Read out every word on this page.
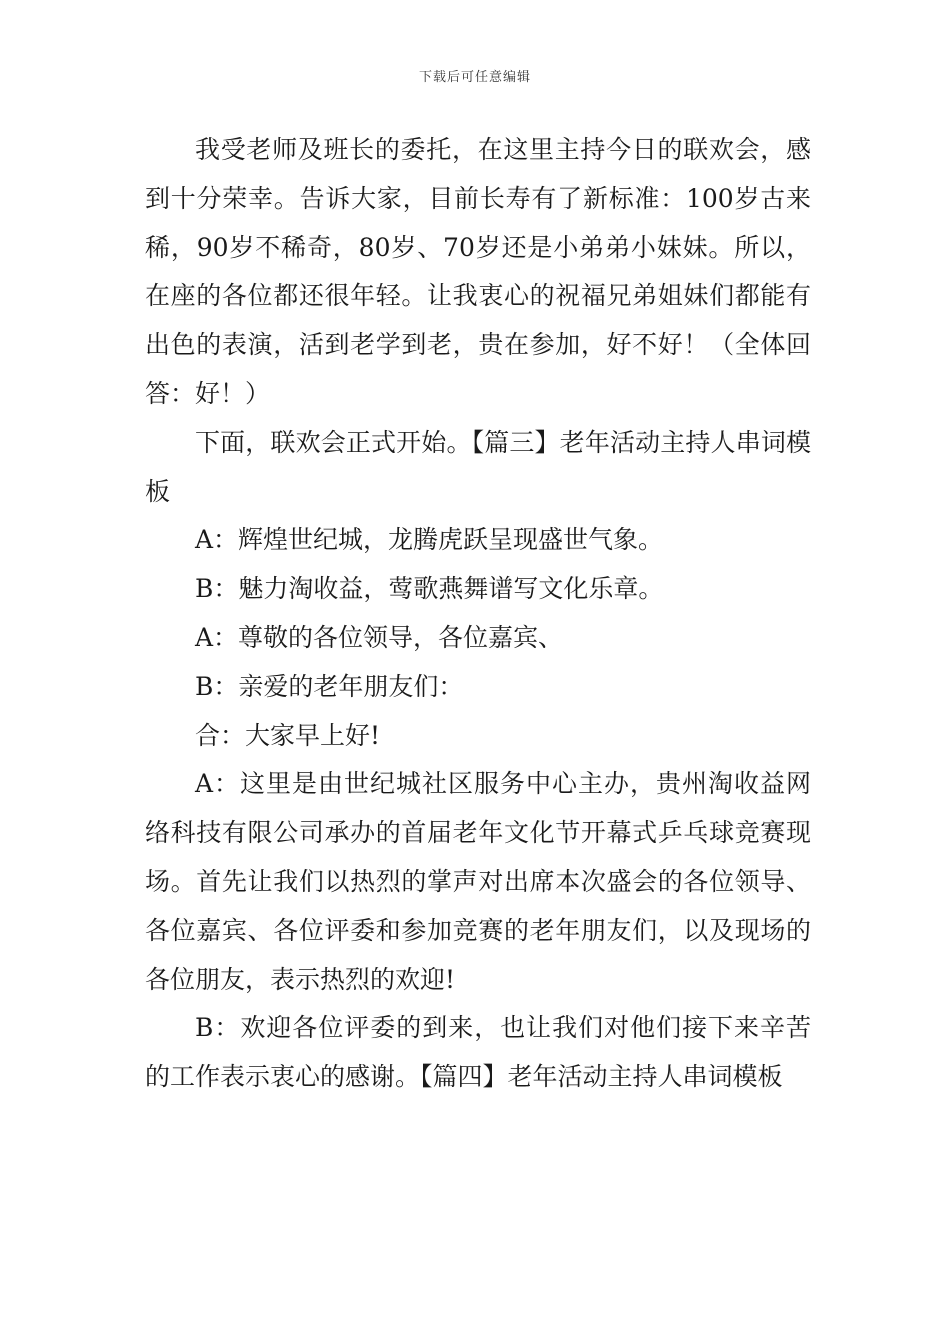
下载后可任意编辑

我受老师及班长的委托，在这里主持今日的联欢会，感到十分荣幸。告诉大家，目前长寿有了新标准：100岁古来稀，90岁不稀奇，80岁、70岁还是小弟弟小妹妹。所以，在座的各位都还很年轻。让我衷心的祝福兄弟姐妹们都能有出色的表演，活到老学到老，贵在参加，好不好！（全体回答：好！）

下面，联欢会正式开始。【篇三】老年活动主持人串词模板

A：辉煌世纪城，龙腾虎跃呈现盛世气象。

B：魅力淘收益，莺歌燕舞谱写文化乐章。

A：尊敬的各位领导，各位嘉宾、

B：亲爱的老年朋友们：

合：大家早上好!

A：这里是由世纪城社区服务中心主办，贵州淘收益网络科技有限公司承办的首届老年文化节开幕式乒乓球竞赛现场。首先让我们以热烈的掌声对出席本次盛会的各位领导、各位嘉宾、各位评委和参加竞赛的老年朋友们，以及现场的各位朋友，表示热烈的欢迎!

B：欢迎各位评委的到来，也让我们对他们接下来辛苦的工作表示衷心的感谢。【篇四】老年活动主持人串词模板
